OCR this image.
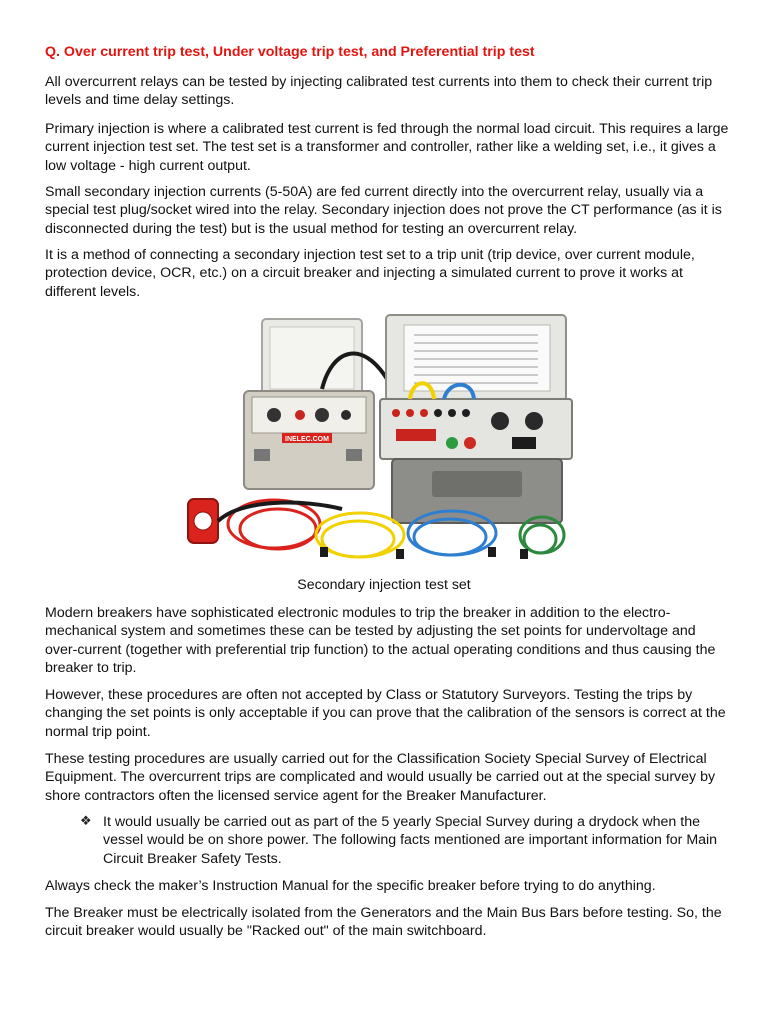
Q. Over current trip test, Under voltage trip test, and Preferential trip test

All overcurrent relays can be tested by injecting calibrated test currents into them to check their current trip levels and time delay settings.

Primary injection is where a calibrated test current is fed through the normal load circuit. This requires a large current injection test set. The test set is a transformer and controller, rather like a welding set, i.e., it gives a low voltage - high current output.

Small secondary injection currents (5-50A) are fed current directly into the overcurrent relay, usually via a special test plug/socket wired into the relay. Secondary injection does not prove the CT performance (as it is disconnected during the test) but is the usual method for testing an overcurrent relay.

It is a method of connecting a secondary injection test set to a trip unit (trip device, over current module, protection device, OCR, etc.) on a circuit breaker and injecting a simulated current to prove it works at different levels.

INELEC.COM
Secondary injection test set

Modern breakers have sophisticated electronic modules to trip the breaker in addition to the electro-mechanical system and sometimes these can be tested by adjusting the set points for undervoltage and over-current (together with preferential trip function) to the actual operating conditions and thus causing the breaker to trip.

However, these procedures are often not accepted by Class or Statutory Surveyors. Testing the trips by changing the set points is only acceptable if you can prove that the calibration of the sensors is correct at the normal trip point.

These testing procedures are usually carried out for the Classification Society Special Survey of Electrical Equipment. The overcurrent trips are complicated and would usually be carried out at the special survey by shore contractors often the licensed service agent for the Breaker Manufacturer.

❖ It would usually be carried out as part of the 5 yearly Special Survey during a drydock when the vessel would be on shore power. The following facts mentioned are important information for Main Circuit Breaker Safety Tests.

Always check the maker’s Instruction Manual for the specific breaker before trying to do anything.

The Breaker must be electrically isolated from the Generators and the Main Bus Bars before testing. So, the circuit breaker would usually be "Racked out" of the main switchboard.
